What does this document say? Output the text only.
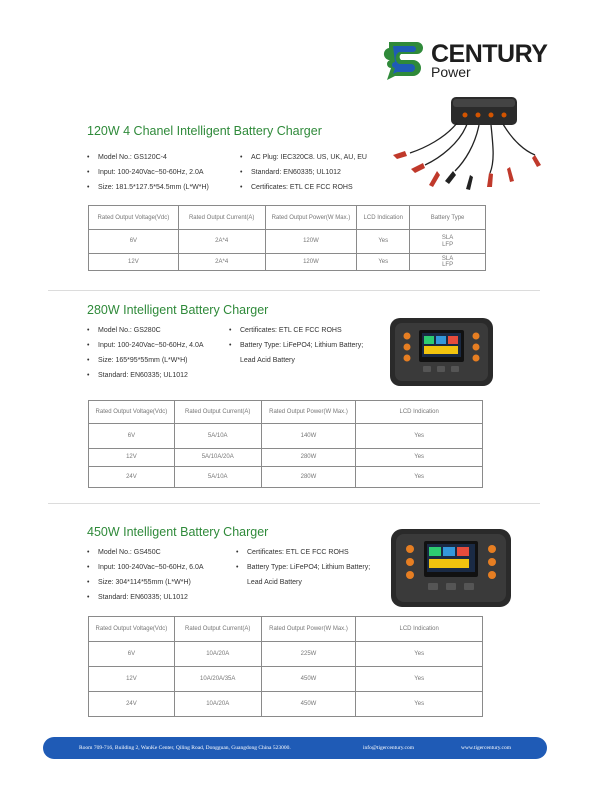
CENTURY
Power
120W 4 Chanel Intelligent Battery Charger
• Model No.: GS120C-4
• Input: 100-240Vac~50-60Hz, 2.0A
• Size: 181.5*127.5*54.5mm (L*W*H)
• AC Plug: IEC320C8. US, UK, AU, EU
• Standard: EN60335; UL1012
• Certificates: ETL CE FCC ROHS
Rated Output Voltage(Vdc)	Rated Output Current(A)	Rated Output Power(W Max.)	LCD Indication	Battery Type
6V	2A*4	120W	Yes	SLA
LFP
12V	2A*4	120W	Yes	SLA
LFP
280W Intelligent Battery Charger
• Model No.: GS280C
• Input: 100-240Vac~50-60Hz, 4.0A
• Size: 165*95*55mm (L*W*H)
• Standard: EN60335; UL1012
• Certificates: ETL CE FCC ROHS
• Battery Type: LiFePO4; Lithium Battery;
Lead Acid Battery
Rated Output Voltage(Vdc)	Rated Output Current(A)	Rated Output Power(W Max.)	LCD Indication
6V	5A/10A	140W	Yes
12V	5A/10A/20A	280W	Yes
24V	5A/10A	280W	Yes
450W Intelligent Battery Charger
• Model No.: GS450C
• Input: 100-240Vac~50-60Hz, 6.0A
• Size: 304*114*55mm (L*W*H)
• Standard: EN60335; UL1012
• Certificates: ETL CE FCC ROHS
• Battery Type: LiFePO4; Lithium Battery;
Lead Acid Battery
Rated Output Voltage(Vdc)	Rated Output Current(A)	Rated Output Power(W Max.)	LCD Indication
6V	10A/20A	225W	Yes
12V	10A/20A/35A	450W	Yes
24V	10A/20A	450W	Yes
Room 709-716, Building 2, WanKe Center, Qiling Road, Dongguan, Guangdong China 523000.	info@tigercentury.com	www.tigercentury.com
